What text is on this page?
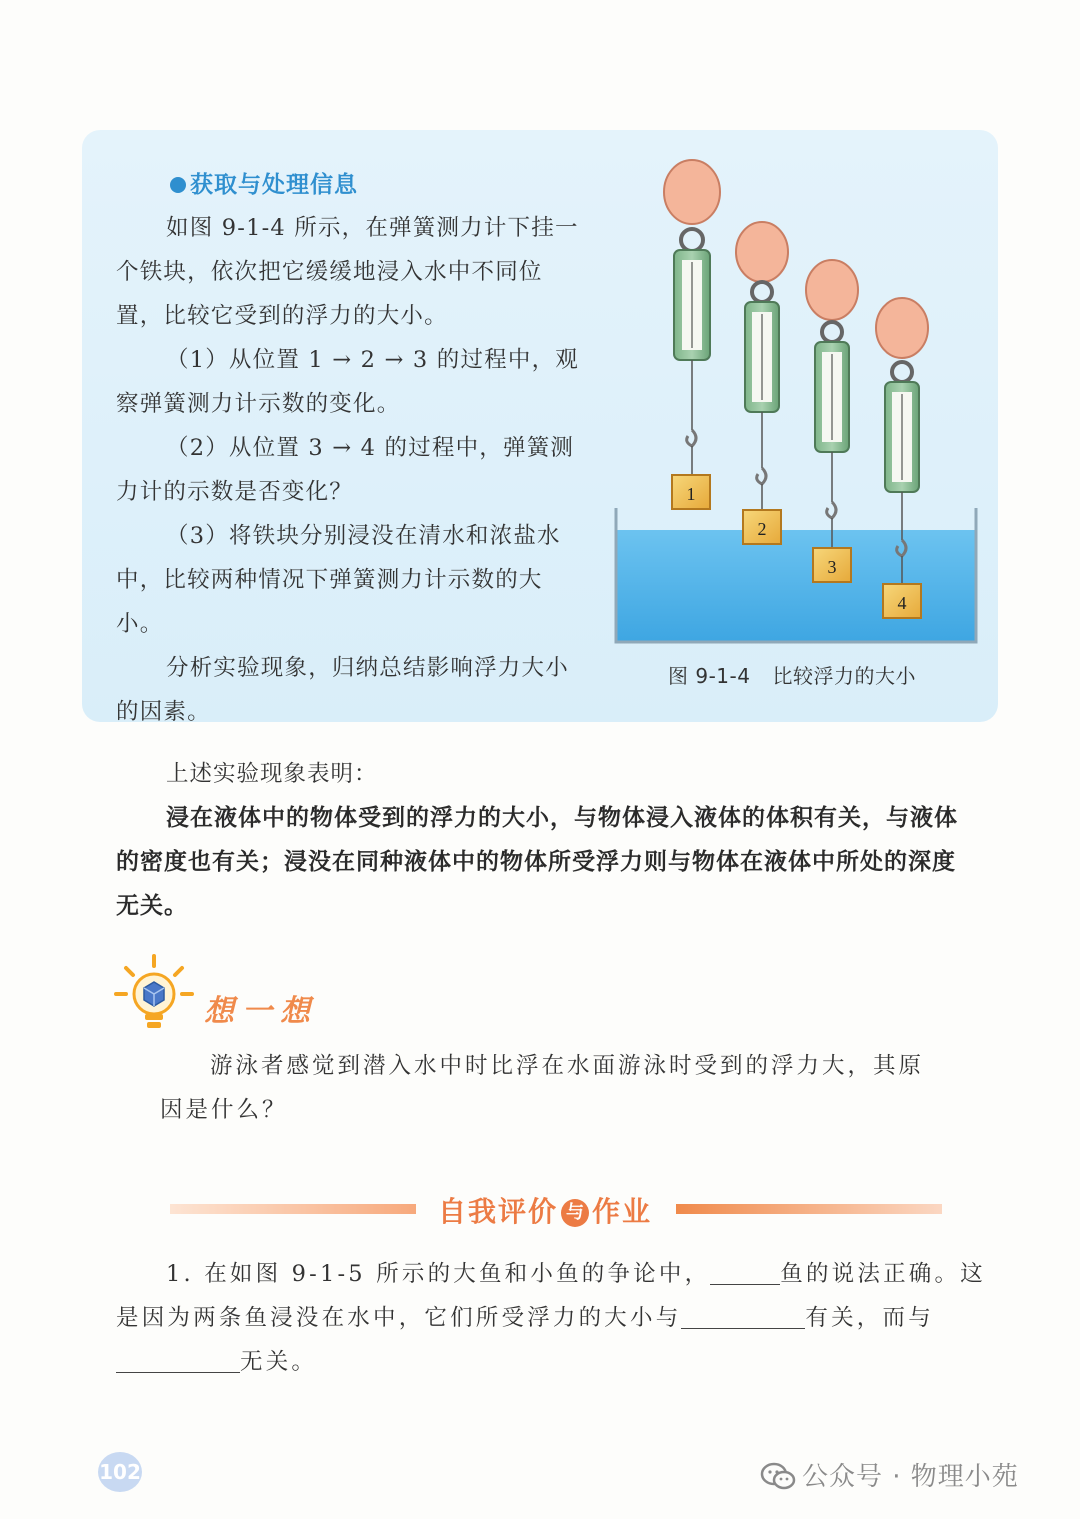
获取与处理信息

如图 9-1-4 所示，在弹簧测力计下挂一个铁块，依次把它缓缓地浸入水中不同位置，比较它受到的浮力的大小。

（1）从位置 1 → 2 → 3 的过程中，观察弹簧测力计示数的变化。

（2）从位置 3 → 4 的过程中，弹簧测力计的示数是否变化？

（3）将铁块分别浸没在清水和浓盐水中，比较两种情况下弹簧测力计示数的大小。

分析实验现象，归纳总结影响浮力大小的因素。

1
2
3
4
图 9-1-4 比较浮力的大小
上述实验现象表明：

浸在液体中的物体受到的浮力的大小，与物体浸入液体的体积有关，与液体的密度也有关；浸没在同种液体中的物体所受浮力则与物体在液体中所处的深度无关。

想一想
游泳者感觉到潜入水中时比浮在水面游泳时受到的浮力大，其原
因是什么？
自我评价 与 作业
1. 在如图 9-1-5 所示的大鱼和小鱼的争论中，	鱼的说法正确。这是因为两条鱼浸没在水中，它们所受浮力的大小与	有关，而与
无关。
102	公众号 · 物理小苑
